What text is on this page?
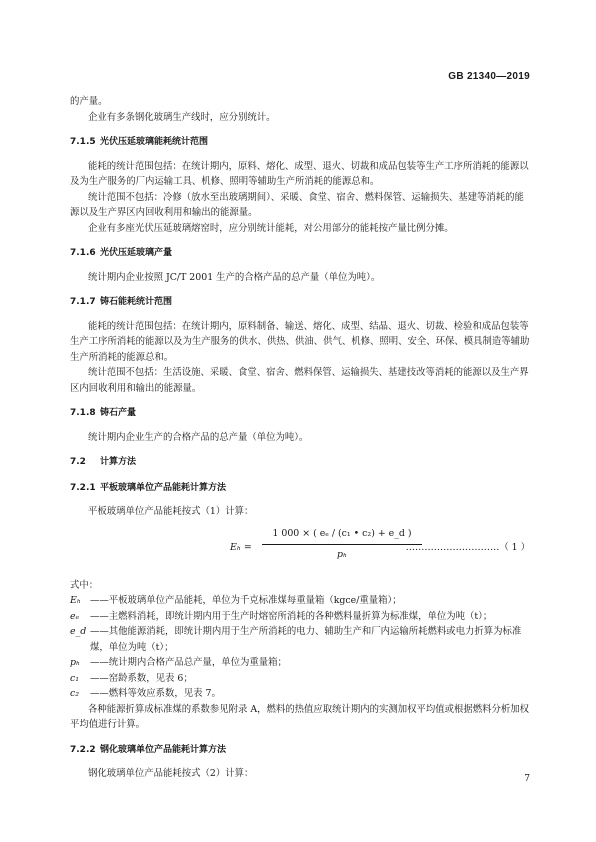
GB 21340—2019

的产量。

企业有多条钢化玻璃生产线时，应分别统计。

7.1.5 光伏压延玻璃能耗统计范围

能耗的统计范围包括：在统计期内，原料、熔化、成型、退火、切裁和成品包装等生产工序所消耗的能源以及为生产服务的厂内运输工具、机修、照明等辅助生产所消耗的能源总和。

统计范围不包括：冷修（放水至出玻璃期间）、采暖、食堂、宿舍、燃料保管、运输损失、基建等消耗的能源以及生产界区内回收利用和输出的能源量。

企业有多座光伏压延玻璃熔窑时，应分别统计能耗，对公用部分的能耗按产量比例分摊。

7.1.6 光伏压延玻璃产量

统计期内企业按照 JC/T 2001 生产的合格产品的总产量（单位为吨）。

7.1.7 铸石能耗统计范围

能耗的统计范围包括：在统计期内，原料制备、输送、熔化、成型、结晶、退火、切裁、检验和成品包装等生产工序所消耗的能源以及为生产服务的供水、供热、供油、供气、机修、照明、安全、环保、模具制造等辅助生产所消耗的能源总和。

统计范围不包括：生活设施、采暖、食堂、宿舍、燃料保管、运输损失、基建技改等消耗的能源以及生产界区内回收利用和输出的能源量。

7.1.8 铸石产量

统计期内企业生产的合格产品的总产量（单位为吨）。

7.2 计算方法
7.2.1 平板玻璃单位产品能耗计算方法

平板玻璃单位产品能耗按式（1）计算：

$E_h = \frac{\text{1 000 × ( eₑ / (c₁ • c₂) + e\_d )}}{\text{pₕ}}$
…………………………（ 1 ）

式中：

Eₕ ——平板玻璃单位产品能耗，单位为千克标准煤每重量箱（kgce/重量箱）；
eₑ	——主燃料消耗，即统计期内用于生产时熔窑所消耗的各种燃料量折算为标准煤，单位为吨（t）；
e_d ——其他能源消耗，即统计期内用于生产所消耗的电力、辅助生产和厂内运输所耗燃料或电力折算为标准煤，单位为吨（t）；
pₕ	——统计期内合格产品总产量，单位为重量箱；
c₁	——窑龄系数，见表 6；
c₂	——燃料等效应系数，见表 7。

各种能源折算成标准煤的系数参见附录 A，燃料的热值应取统计期内的实测加权平均值或根据燃料分析加权平均值进行计算。

7.2.2 钢化玻璃单位产品能耗计算方法

钢化玻璃单位产品能耗按式（2）计算：	7
